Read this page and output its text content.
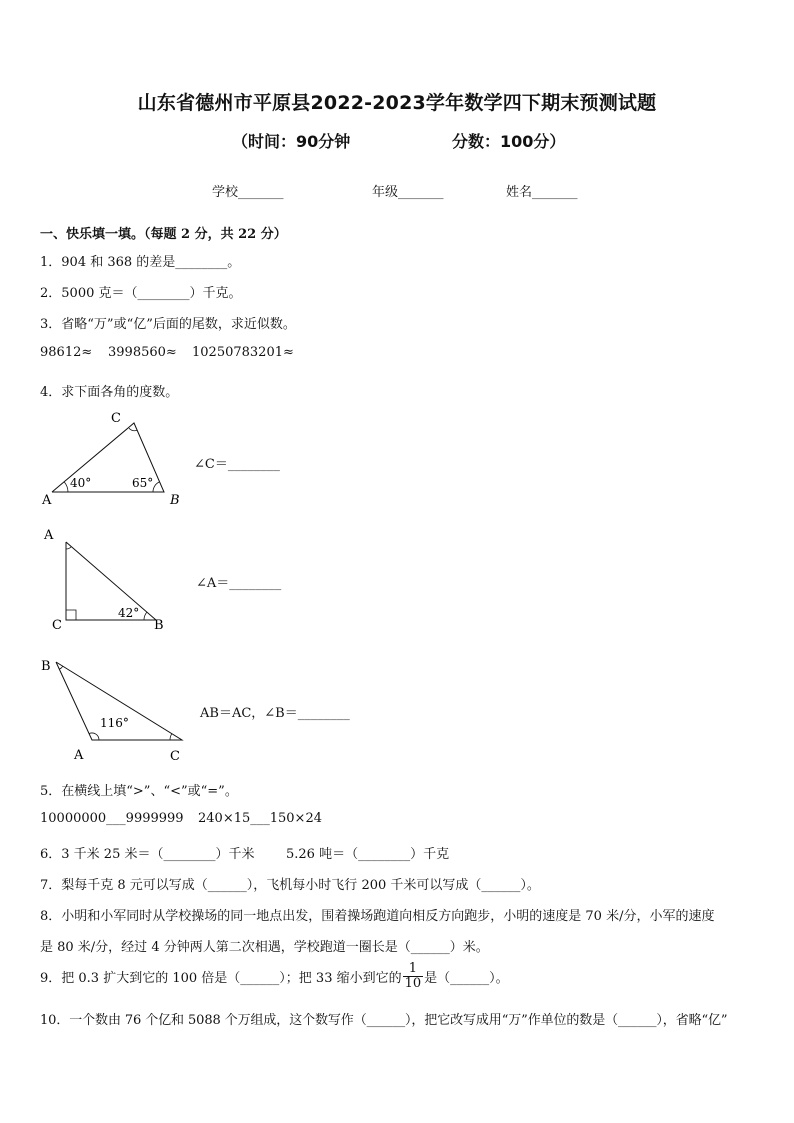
山东省德州市平原县2022-2023学年数学四下期末预测试题
（时间：90分钟	分数：100分）
学校_______	年级_______	姓名_______
一、快乐填一填。（每题 2 分，共 22 分）
1．904 和 368 的差是________。
2．5000 克＝（________）千克。
3．省略“万”或“亿”后面的尾数，求近似数。
98612≈ 3998560≈ 10250783201≈
4．求下面各角的度数。
A	B
C
40°	65°
∠C＝________
A
C	B
42°
∠A＝________
B
A	C
116°
AB＝AC，∠B＝________
5．在横线上填“>”、“<”或“=”。
10000000___9999999 240×15___150×24
6．3 千米 25 米＝（________）千米 5.26 吨＝（________）千克
7．梨每千克 8 元可以写成（______），飞机每小时飞行 200 千米可以写成（______）。
8．小明和小军同时从学校操场的同一地点出发，围着操场跑道向相反方向跑步，小明的速度是 70 米/分，小军的速度
是 80 米/分，经过 4 分钟两人第二次相遇，学校跑道一圈长是（______）米。
9．把 0.3 扩大到它的 100 倍是（______）；把 33 缩小到它的 $\frac{1}{10}$ 是（______）。
10．一个数由 76 个亿和 5088 个万组成，这个数写作（______），把它改写成用“万”作单位的数是（______），省略“亿”
